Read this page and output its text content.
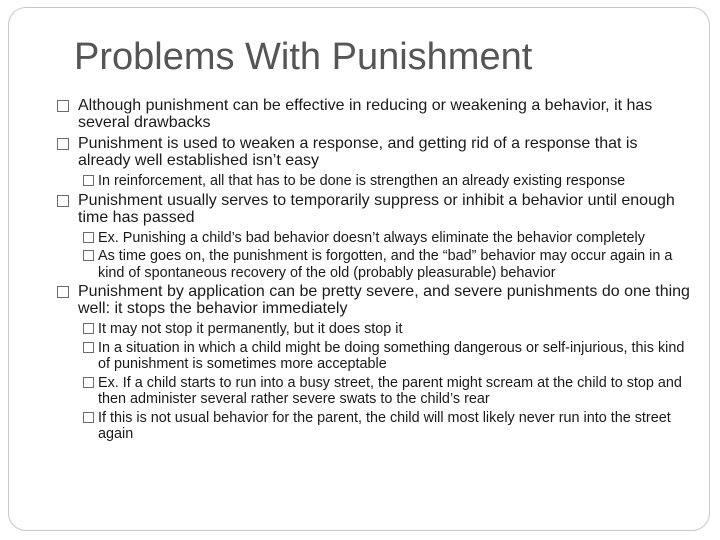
Problems With Punishment
Although punishment can be effective in reducing or weakening a behavior, it has several drawbacks
Punishment is used to weaken a response, and getting rid of a response that is already well established isn’t easy
In reinforcement, all that has to be done is strengthen an already existing response
Punishment usually serves to temporarily suppress or inhibit a behavior until enough time has passed
Ex. Punishing a child’s bad behavior doesn’t always eliminate the behavior completely
As time goes on, the punishment is forgotten, and the “bad” behavior may occur again in a kind of spontaneous recovery of the old (probably pleasurable) behavior
Punishment by application can be pretty severe, and severe punishments do one thing well: it stops the behavior immediately
It may not stop it permanently, but it does stop it
In a situation in which a child might be doing something dangerous or self-injurious, this kind of punishment is sometimes more acceptable
Ex. If a child starts to run into a busy street, the parent might scream at the child to stop and then administer several rather severe swats to the child’s rear
If this is not usual behavior for the parent, the child will most likely never run into the street again
